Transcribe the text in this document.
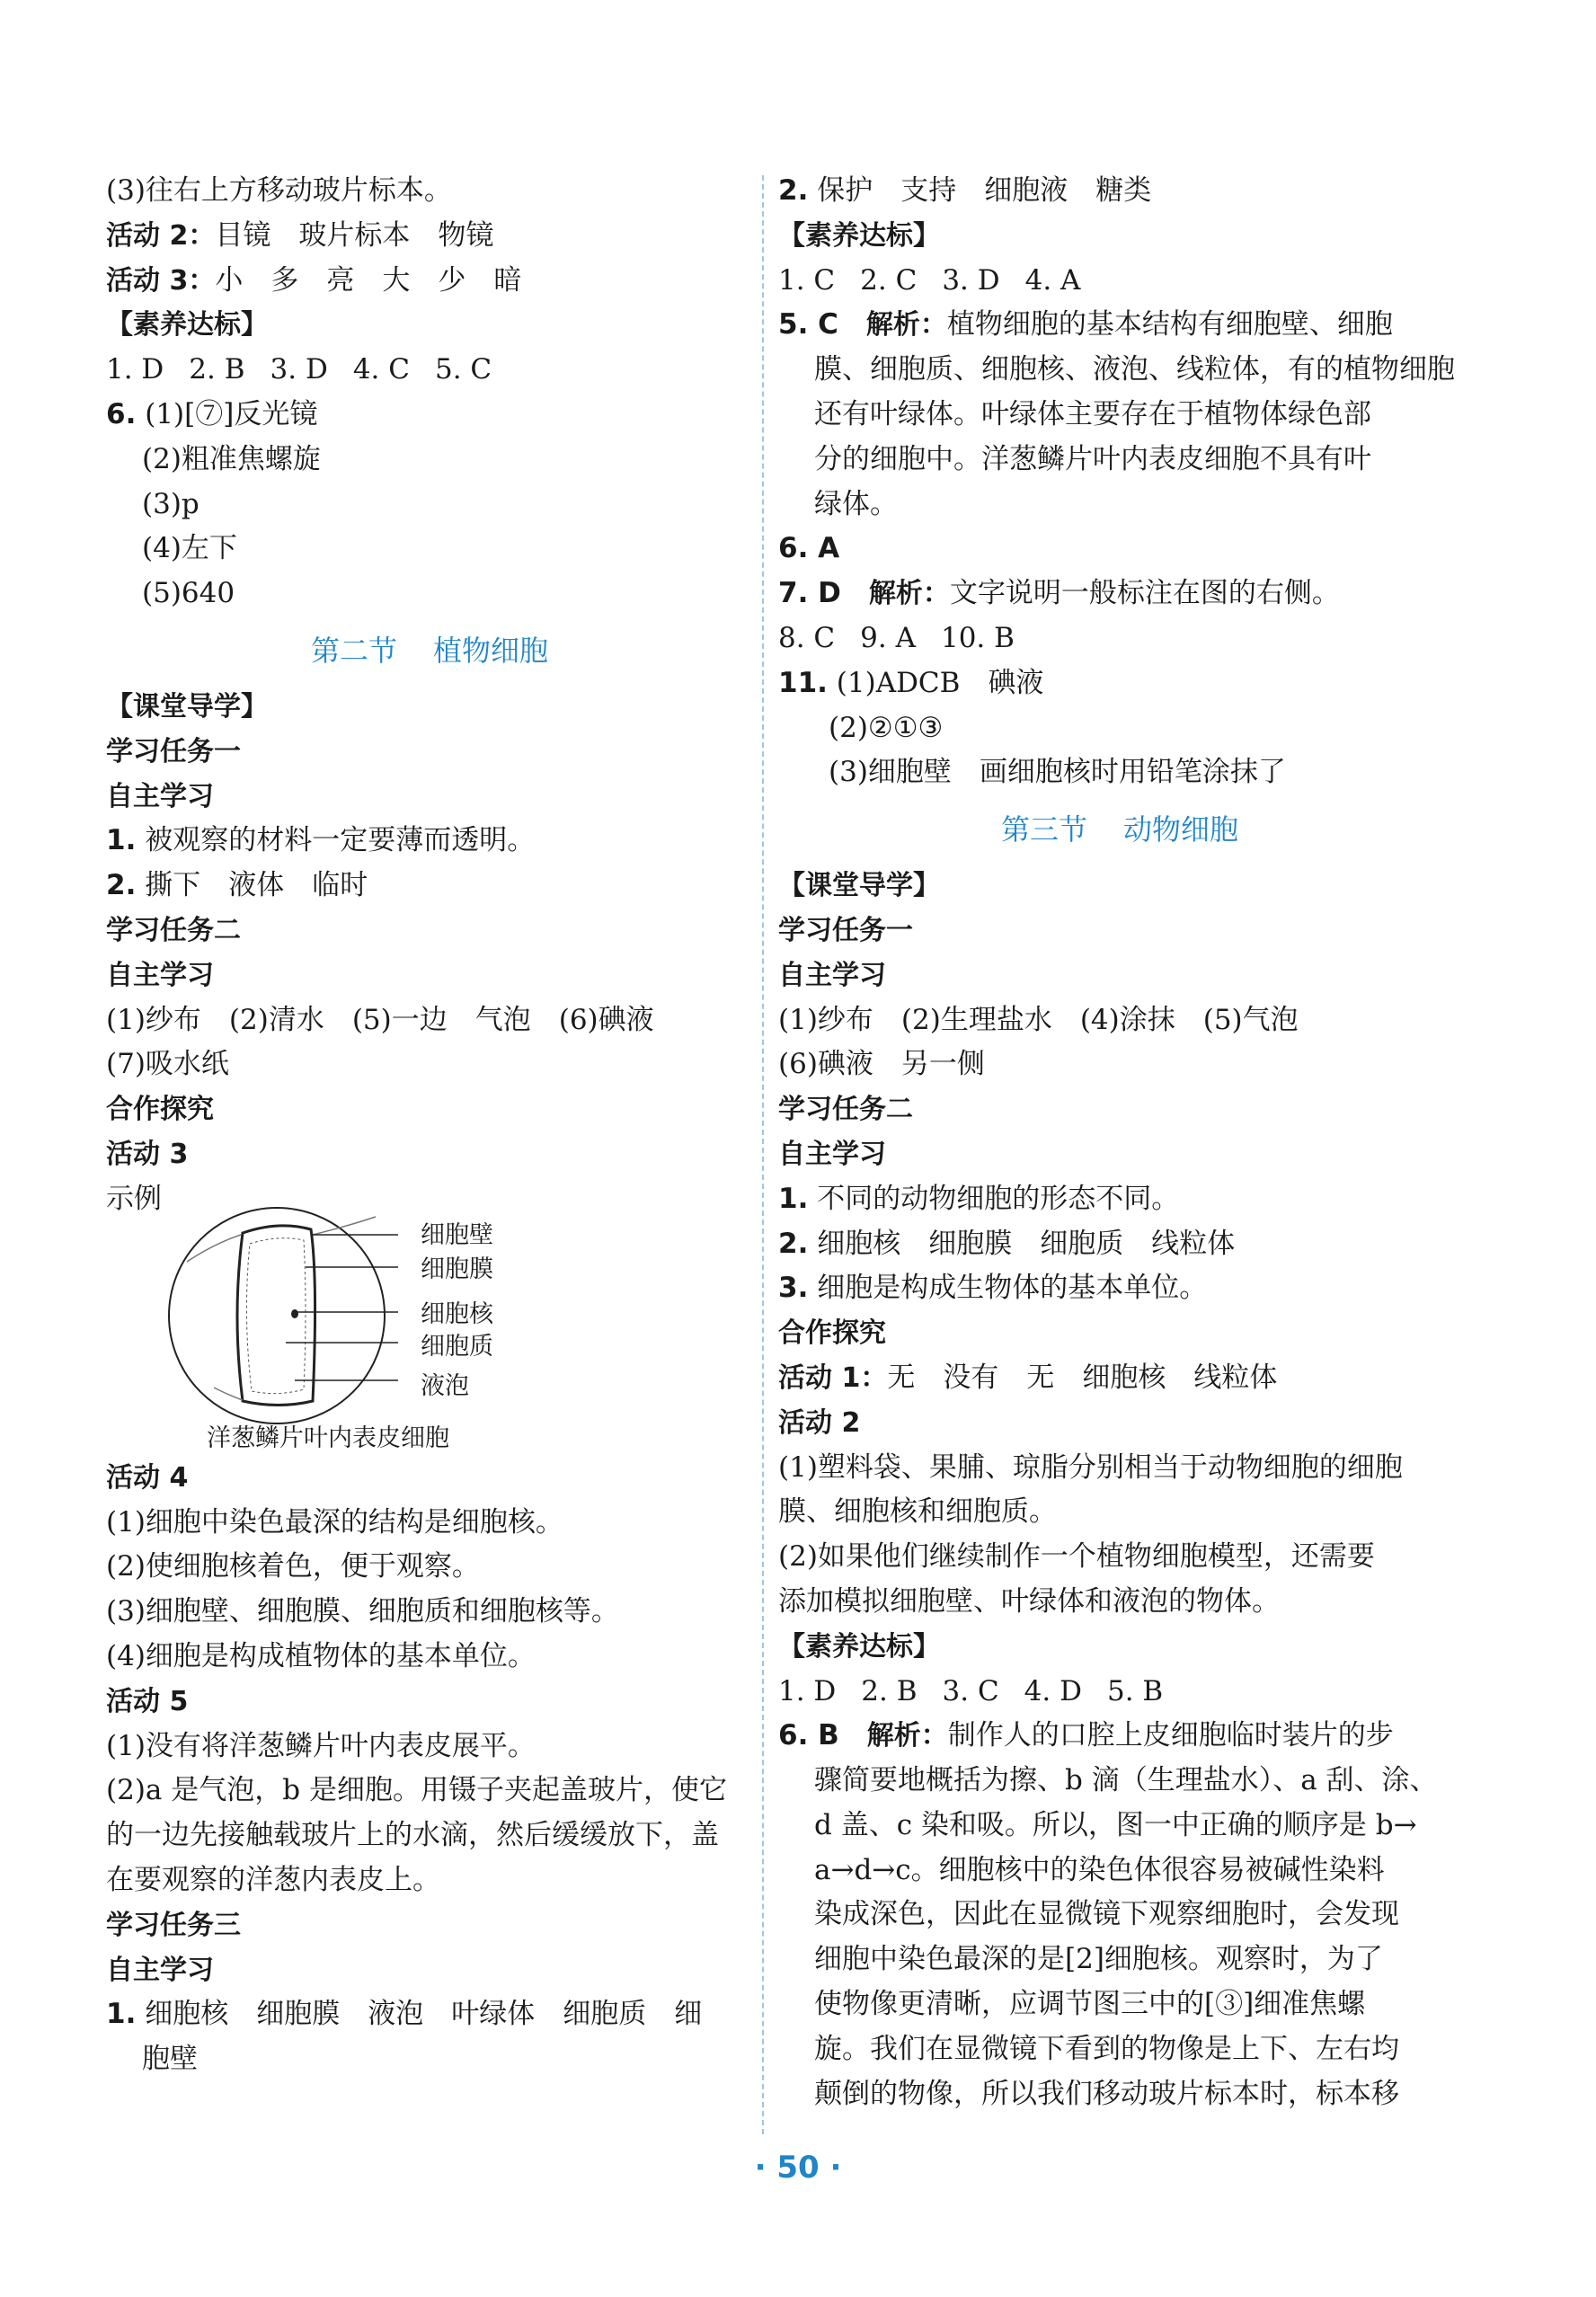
(3)往右上方移动玻片标本。
活动 2：目镜　玻片标本　物镜
活动 3：小　多　亮　大　少　暗
【素养达标】
1. D 2. B 3. D 4. C 5. C
6. (1)[⑦]反光镜
(2)粗准焦螺旋
(3)p
(4)左下
(5)640
第二节 植物细胞
【课堂导学】
学习任务一
自主学习
1. 被观察的材料一定要薄而透明。
2. 撕下　液体　临时
学习任务二
自主学习
(1)纱布　(2)清水　(5)一边　气泡　(6)碘液
(7)吸水纸
合作探究
活动 3
示例
细胞壁
细胞膜
细胞核
细胞质
液泡
洋葱鳞片叶内表皮细胞
活动 4
(1)细胞中染色最深的结构是细胞核。
(2)使细胞核着色，便于观察。
(3)细胞壁、细胞膜、细胞质和细胞核等。
(4)细胞是构成植物体的基本单位。
活动 5
(1)没有将洋葱鳞片叶内表皮展平。
(2)a 是气泡，b 是细胞。用镊子夹起盖玻片，使它
的一边先接触载玻片上的水滴，然后缓缓放下，盖
在要观察的洋葱内表皮上。
学习任务三
自主学习
1. 细胞核　细胞膜　液泡　叶绿体　细胞质　细
胞壁
2. 保护　支持　细胞液　糖类
【素养达标】
1. C 2. C 3. D 4. A
5. C　 解析：植物细胞的基本结构有细胞壁、细胞
膜、细胞质、细胞核、液泡、线粒体，有的植物细胞
还有叶绿体。叶绿体主要存在于植物体绿色部
分的细胞中。洋葱鳞片叶内表皮细胞不具有叶
绿体。
6. A
7. D　 解析：文字说明一般标注在图的右侧。
8. C 9. A 10. B
11. (1)ADCB　碘液
(2)②①③
(3)细胞壁　画细胞核时用铅笔涂抹了
第三节 动物细胞
【课堂导学】
学习任务一
自主学习
(1)纱布　(2)生理盐水　(4)涂抹　(5)气泡
(6)碘液　另一侧
学习任务二
自主学习
1. 不同的动物细胞的形态不同。
2. 细胞核　细胞膜　细胞质　线粒体
3. 细胞是构成生物体的基本单位。
合作探究
活动 1：无　没有　无　细胞核　线粒体
活动 2
(1)塑料袋、果脯、琼脂分别相当于动物细胞的细胞
膜、细胞核和细胞质。
(2)如果他们继续制作一个植物细胞模型，还需要
添加模拟细胞壁、叶绿体和液泡的物体。
【素养达标】
1. D 2. B 3. C 4. D 5. B
6. B　 解析：制作人的口腔上皮细胞临时装片的步
骤简要地概括为擦、b 滴（生理盐水）、a 刮、涂、
d 盖、c 染和吸。所以，图一中正确的顺序是 b→
a→d→c。细胞核中的染色体很容易被碱性染料
染成深色，因此在显微镜下观察细胞时，会发现
细胞中染色最深的是[2]细胞核。观察时，为了
使物像更清晰，应调节图三中的[③]细准焦螺
旋。我们在显微镜下看到的物像是上下、左右均
颠倒的物像，所以我们移动玻片标本时，标本移
· 50 ·
